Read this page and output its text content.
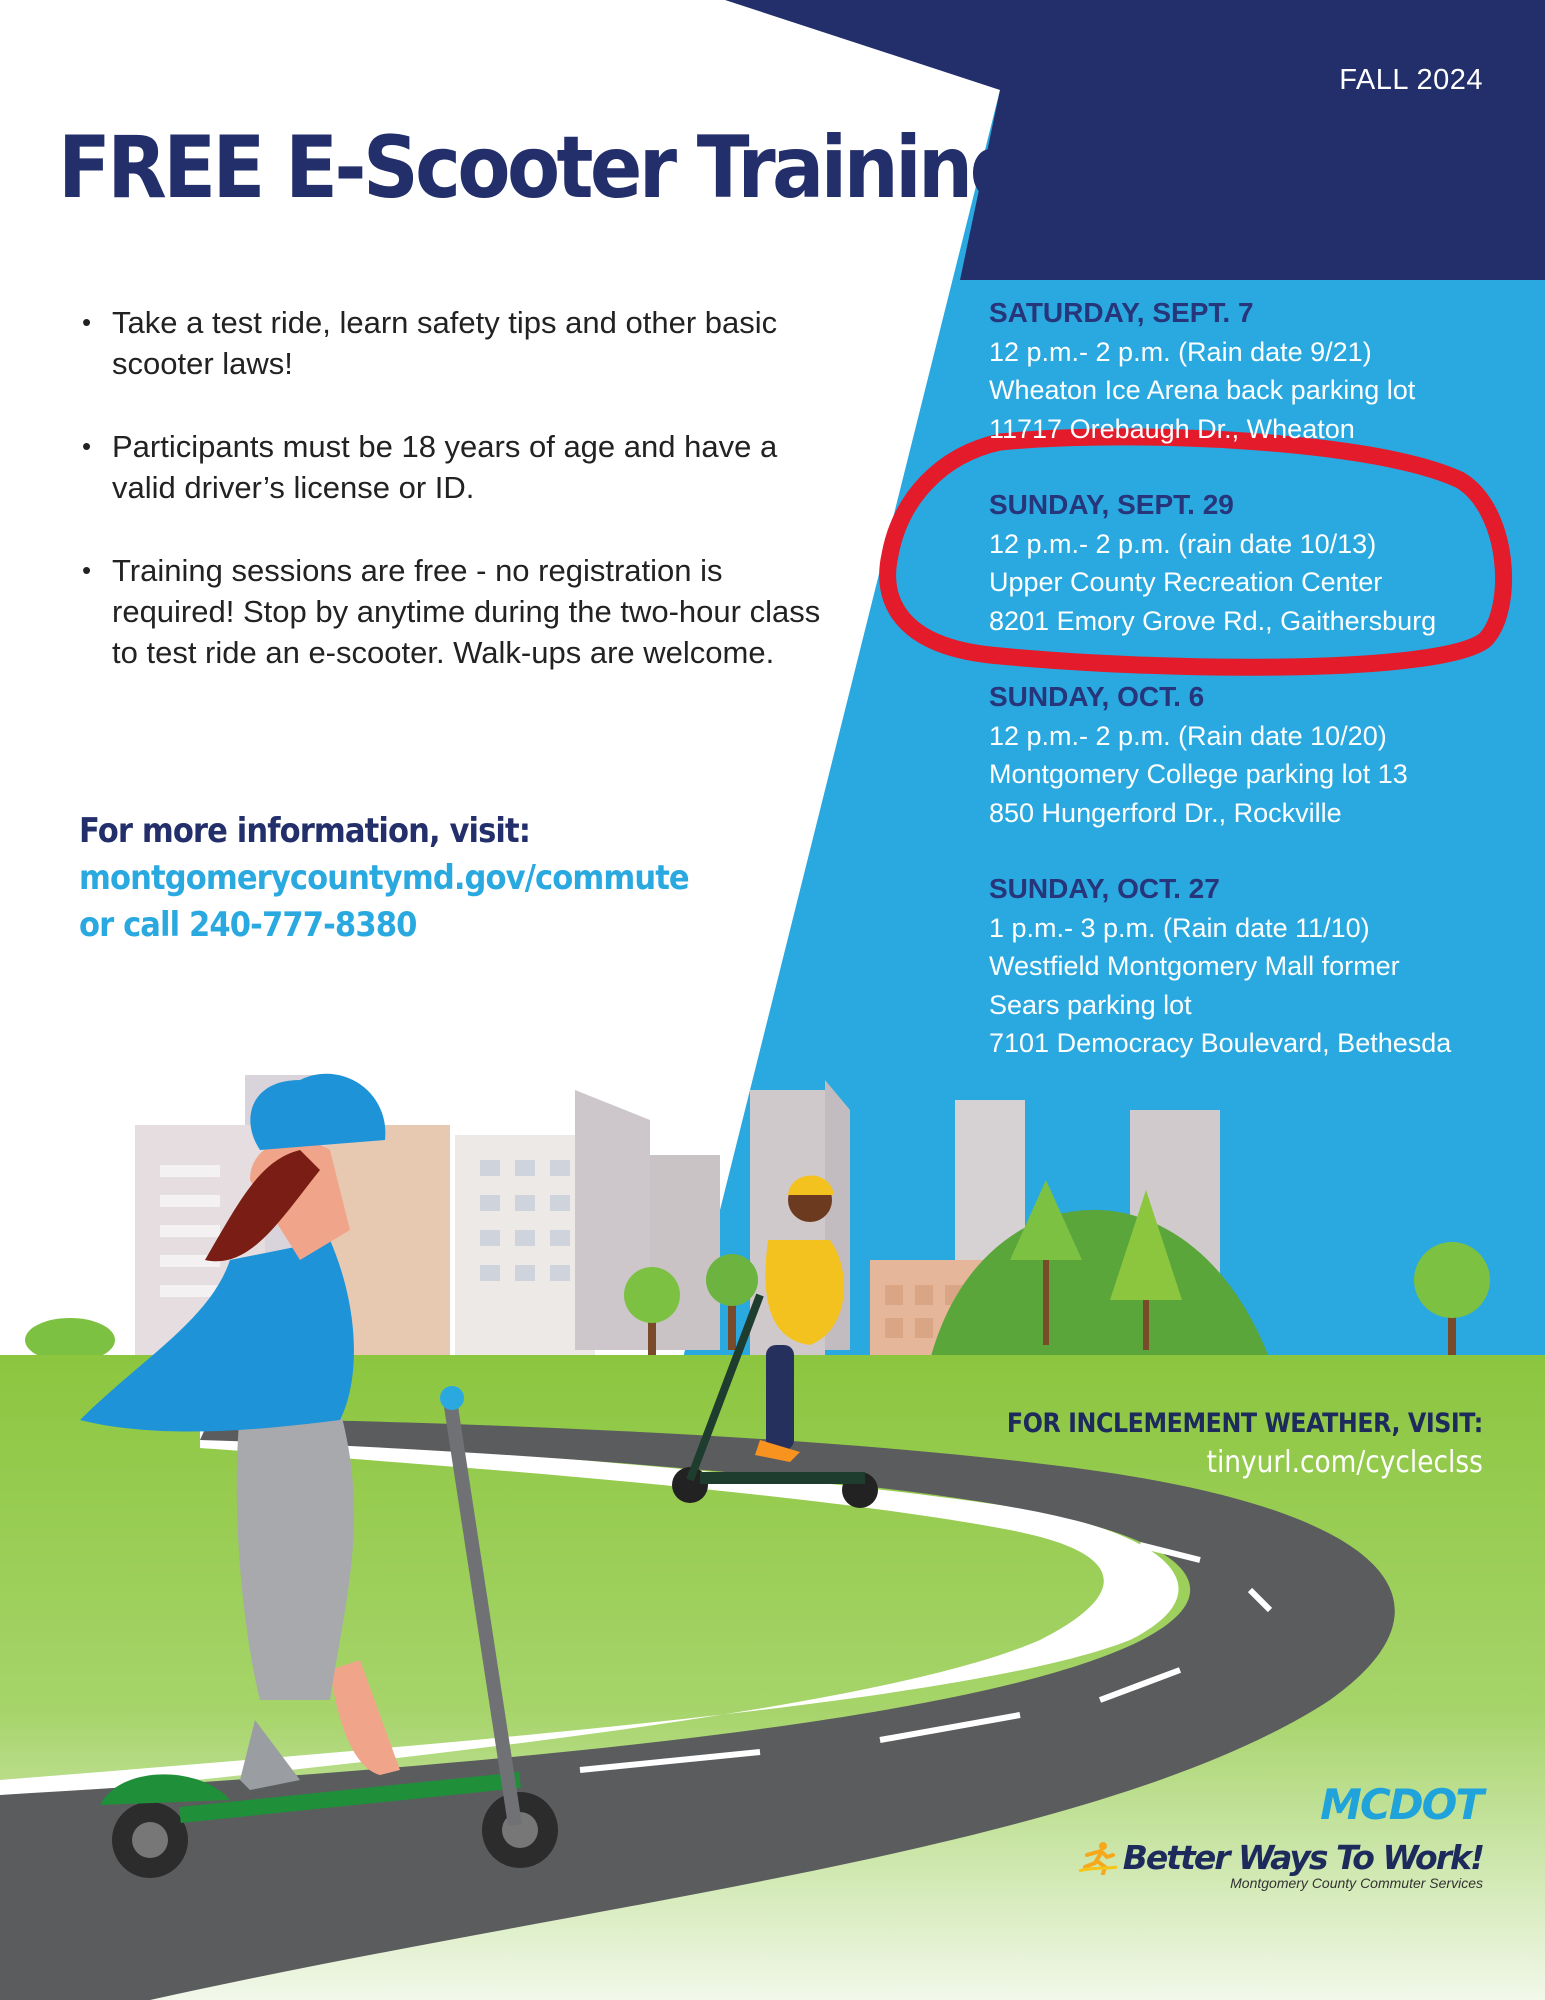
FALL 2024
FREE E-Scooter Training!
• Take a test ride, learn safety tips and other basic scooter laws!
• Participants must be 18 years of age and have a valid driver’s license or ID.
• Training sessions are free - no registration is required! Stop by anytime during the two-hour class to test ride an e-scooter. Walk-ups are welcome.
For more information, visit:
montgomerycountymd.gov/commute
or call 240-777-8380
SATURDAY, SEPT. 7
12 p.m.- 2 p.m. (Rain date 9/21)
Wheaton Ice Arena back parking lot
11717 Orebaugh Dr., Wheaton
SUNDAY, SEPT. 29
12 p.m.- 2 p.m. (rain date 10/13)
Upper County Recreation Center
8201 Emory Grove Rd., Gaithersburg
SUNDAY, OCT. 6
12 p.m.- 2 p.m. (Rain date 10/20)
Montgomery College parking lot 13
850 Hungerford Dr., Rockville
SUNDAY, OCT. 27
1 p.m.- 3 p.m. (Rain date 11/10)
Westfield Montgomery Mall former
Sears parking lot
7101 Democracy Boulevard, Bethesda
FOR INCLEMEMENT WEATHER, VISIT:
tinyurl.com/cycleclss
MCDOT
Better Ways To Work!
Montgomery County Commuter Services
